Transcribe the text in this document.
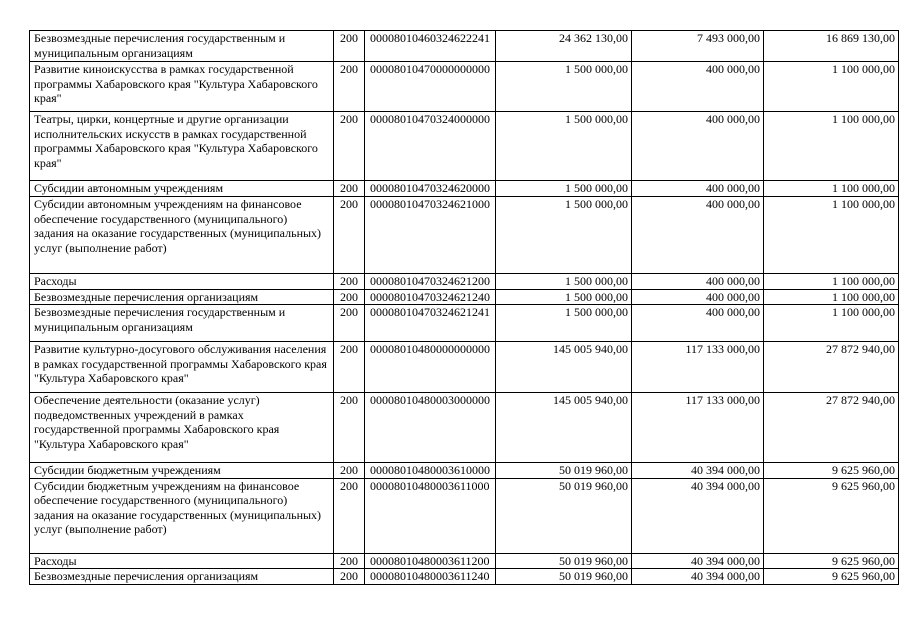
Безвозмездные перечисления государственным и муниципальным организациям	200	00008010460324622241	24 362 130,00	7 493 000,00	16 869 130,00
Развитие киноискусства в рамках государственной программы Хабаровского края "Культура Хабаровского края"	200	00008010470000000000	1 500 000,00	400 000,00	1 100 000,00
Театры, цирки, концертные и другие организации исполнительских искусств в рамках государственной программы Хабаровского края "Культура Хабаровского края"	200	00008010470324000000	1 500 000,00	400 000,00	1 100 000,00
Субсидии автономным учреждениям	200	00008010470324620000	1 500 000,00	400 000,00	1 100 000,00
Субсидии автономным учреждениям на финансовое обеспечение государственного (муниципального) задания на оказание государственных (муниципальных) услуг (выполнение работ)	200	00008010470324621000	1 500 000,00	400 000,00	1 100 000,00
Расходы	200	00008010470324621200	1 500 000,00	400 000,00	1 100 000,00
Безвозмездные перечисления организациям	200	00008010470324621240	1 500 000,00	400 000,00	1 100 000,00
Безвозмездные перечисления государственным и муниципальным организациям	200	00008010470324621241	1 500 000,00	400 000,00	1 100 000,00
Развитие культурно-досугового обслуживания населения в рамках государственной программы Хабаровского края "Культура Хабаровского края"	200	00008010480000000000	145 005 940,00	117 133 000,00	27 872 940,00
Обеспечение деятельности (оказание услуг) подведомственных учреждений в рамках государственной программы Хабаровского края "Культура Хабаровского края"	200	00008010480003000000	145 005 940,00	117 133 000,00	27 872 940,00
Субсидии бюджетным учреждениям	200	00008010480003610000	50 019 960,00	40 394 000,00	9 625 960,00
Субсидии бюджетным учреждениям на финансовое обеспечение государственного (муниципального) задания на оказание государственных (муниципальных) услуг (выполнение работ)	200	00008010480003611000	50 019 960,00	40 394 000,00	9 625 960,00
Расходы	200	00008010480003611200	50 019 960,00	40 394 000,00	9 625 960,00
Безвозмездные перечисления организациям	200	00008010480003611240	50 019 960,00	40 394 000,00	9 625 960,00
